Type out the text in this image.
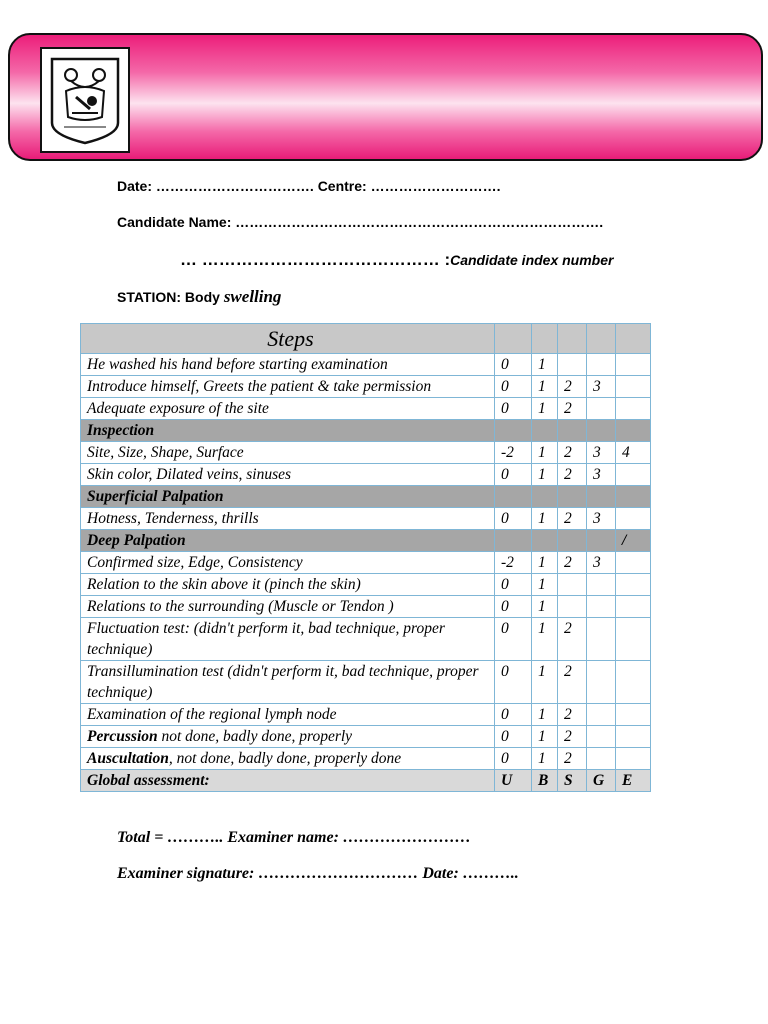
Date: ……………………………. Centre: ……………………….
Candidate Name: …………………………………………………………………….
… …………………………………… :Candidate index number
STATION: Body swelling
Steps					
He washed his hand before starting examination	0	1			
Introduce himself, Greets the patient & take permission	0	1	2	3	
Adequate exposure of the site	0	1	2		
Inspection					
Site, Size, Shape, Surface	-2	1	2	3	4
Skin color, Dilated veins, sinuses	0	1	2	3	
Superficial Palpation					
Hotness, Tenderness, thrills	0	1	2	3	
Deep Palpation					/
Confirmed size, Edge, Consistency	-2	1	2	3	
Relation to the skin above it (pinch the skin)	0	1			
Relations to the surrounding (Muscle or Tendon )	0	1			
Fluctuation test: (didn't perform it, bad technique, proper technique)	0	1	2		
Transillumination test (didn't perform it, bad technique, proper technique)	0	1	2		
Examination of the regional lymph node	0	1	2		
Percussion not done, badly done, properly	0	1	2		
Auscultation, not done, badly done, properly done	0	1	2		
Global assessment:	U	B	S	G	E
Total = ……….. Examiner name: ……………………
Examiner signature: ………………………… Date: ………..
